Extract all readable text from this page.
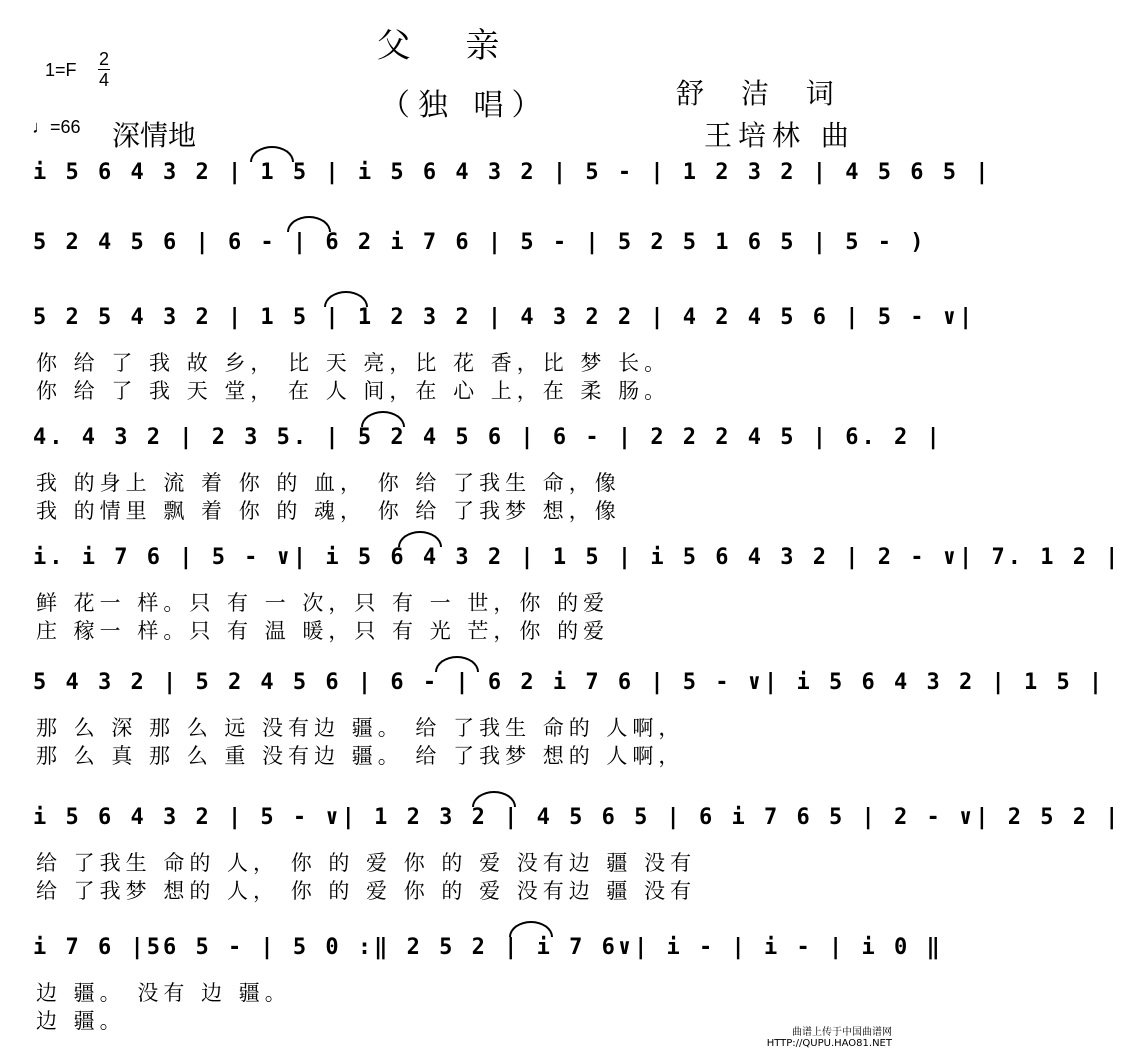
父 亲
（独 唱）
1=F
2
4
♩=66 深情地
舒 洁 词
王培林 曲
i 5 6 4 3 2 | 1 5 | i 5 6 4 3 2 | 5 - | 1 2 3 2 | 4 5 6 5 |
5 2 4 5 6 | 6 - | 6 2 i 7 6 | 5 - | 5 2 5 1 6 5 | 5 - )
5 2 5 4 3 2 | 1 5 | 1 2 3 2 | 4 3 2 2 | 4 2 4 5 6 | 5 - ∨|
你 给 了 我 故 乡， 比 天 亮，比 花 香，比 梦 长。
你 给 了 我 天 堂， 在 人 间，在 心 上，在 柔 肠。
4. 4 3 2 | 2 3 5. | 5 2 4 5 6 | 6 - | 2 2 2 4 5 | 6. 2 |
我 的身上 流 着 你 的 血， 你 给 了我生 命，像
我 的情里 飘 着 你 的 魂， 你 给 了我梦 想，像
i. i 7 6 | 5 - ∨| i 5 6 4 3 2 | 1 5 | i 5 6 4 3 2 | 2 - ∨| 7. 1 2 |
鲜 花一 样。只 有 一 次，只 有 一 世，你 的爱
庄 稼一 样。只 有 温 暖，只 有 光 芒，你 的爱
5 4 3 2 | 5 2 4 5 6 | 6 - | 6 2 i 7 6 | 5 - ∨| i 5 6 4 3 2 | 1 5 |
那 么 深 那 么 远 没有边 疆。 给 了我生 命的 人啊，
那 么 真 那 么 重 没有边 疆。 给 了我梦 想的 人啊，
i 5 6 4 3 2 | 5 - ∨| 1 2 3 2 | 4 5 6 5 | 6 i 7 6 5 | 2 - ∨| 2 5 2 |
给 了我生 命的 人， 你 的 爱 你 的 爱 没有边 疆 没有
给 了我梦 想的 人， 你 的 爱 你 的 爱 没有边 疆 没有
i 7 6 |56 5 - | 5 0 :‖ 2 5 2 | i 7 6∨| i - | i - | i 0 ‖
边 疆。 没有 边 疆。
边 疆。	曲谱上传于中国曲谱网
HTTP://QUPU.HAO81.NET
